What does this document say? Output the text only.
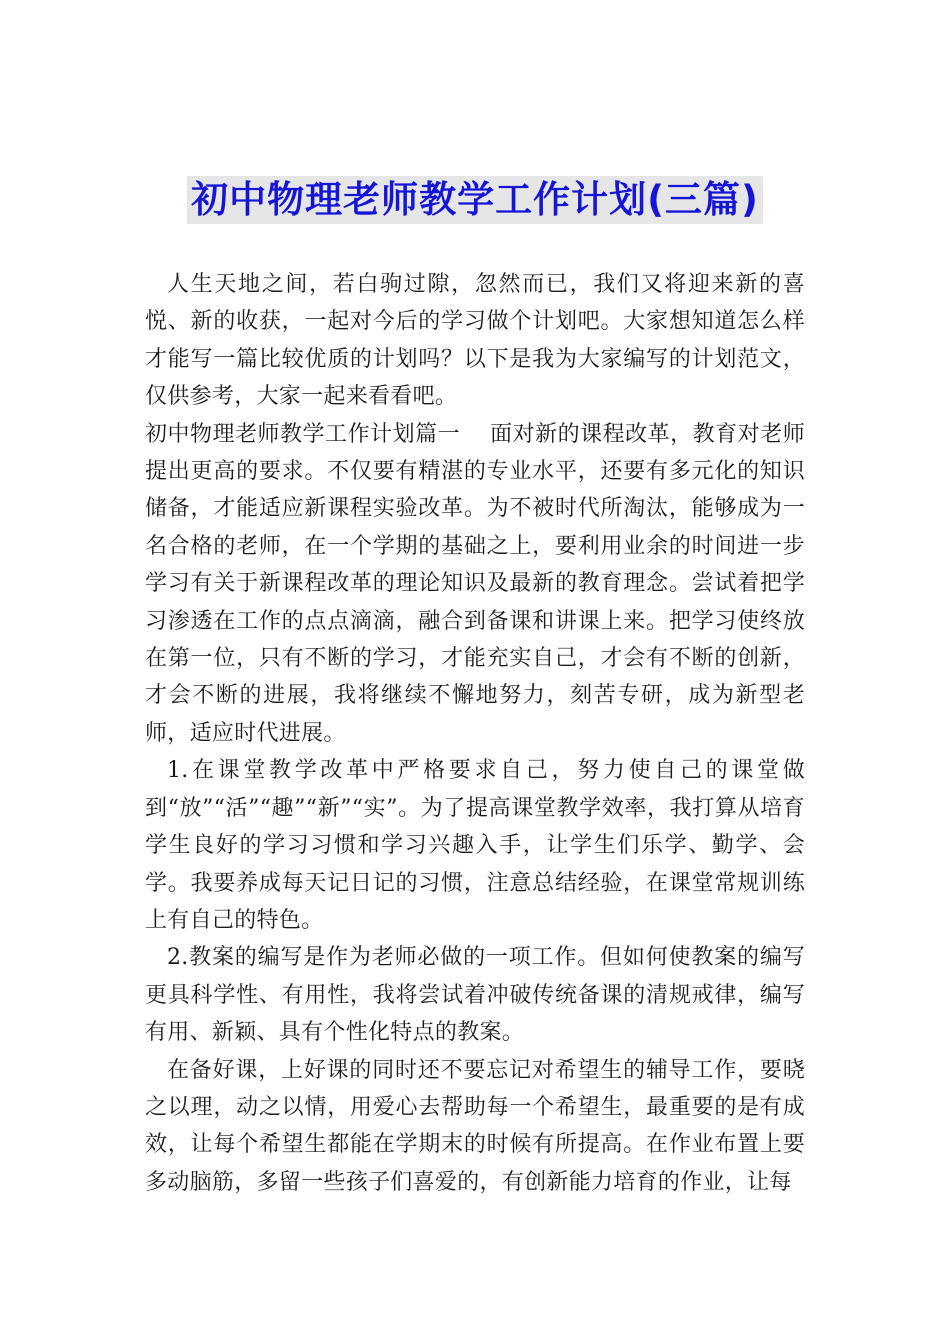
初中物理老师教学工作计划(三篇)

人生天地之间，若白驹过隙，忽然而已，我们又将迎来新的喜悦、新的收获，一起对今后的学习做个计划吧。大家想知道怎么样才能写一篇比较优质的计划吗？以下是我为大家编写的计划范文，仅供参考，大家一起来看看吧。

初中物理老师教学工作计划篇一　 面对新的课程改革，教育对老师提出更高的要求。不仅要有精湛的专业水平，还要有多元化的知识储备，才能适应新课程实验改革。为不被时代所淘汰，能够成为一名合格的老师，在一个学期的基础之上，要利用业余的时间进一步学习有关于新课程改革的理论知识及最新的教育理念。尝试着把学习渗透在工作的点点滴滴，融合到备课和讲课上来。把学习使终放在第一位，只有不断的学习，才能充实自己，才会有不断的创新，才会不断的进展，我将继续不懈地努力，刻苦专研，成为新型老师，适应时代进展。

1.在课堂教学改革中严格要求自己，努力使自己的课堂做到“放”“活”“趣”“新”“实”。为了提高课堂教学效率，我打算从培育学生良好的学习习惯和学习兴趣入手，让学生们乐学、勤学、会学。我要养成每天记日记的习惯，注意总结经验，在课堂常规训练上有自己的特色。

2.教案的编写是作为老师必做的一项工作。但如何使教案的编写更具科学性、有用性，我将尝试着冲破传统备课的清规戒律，编写有用、新颖、具有个性化特点的教案。

在备好课，上好课的同时还不要忘记对希望生的辅导工作，要晓之以理，动之以情，用爱心去帮助每一个希望生，最重要的是有成效，让每个希望生都能在学期末的时候有所提高。在作业布置上要多动脑筋，多留一些孩子们喜爱的，有创新能力培育的作业，让每
